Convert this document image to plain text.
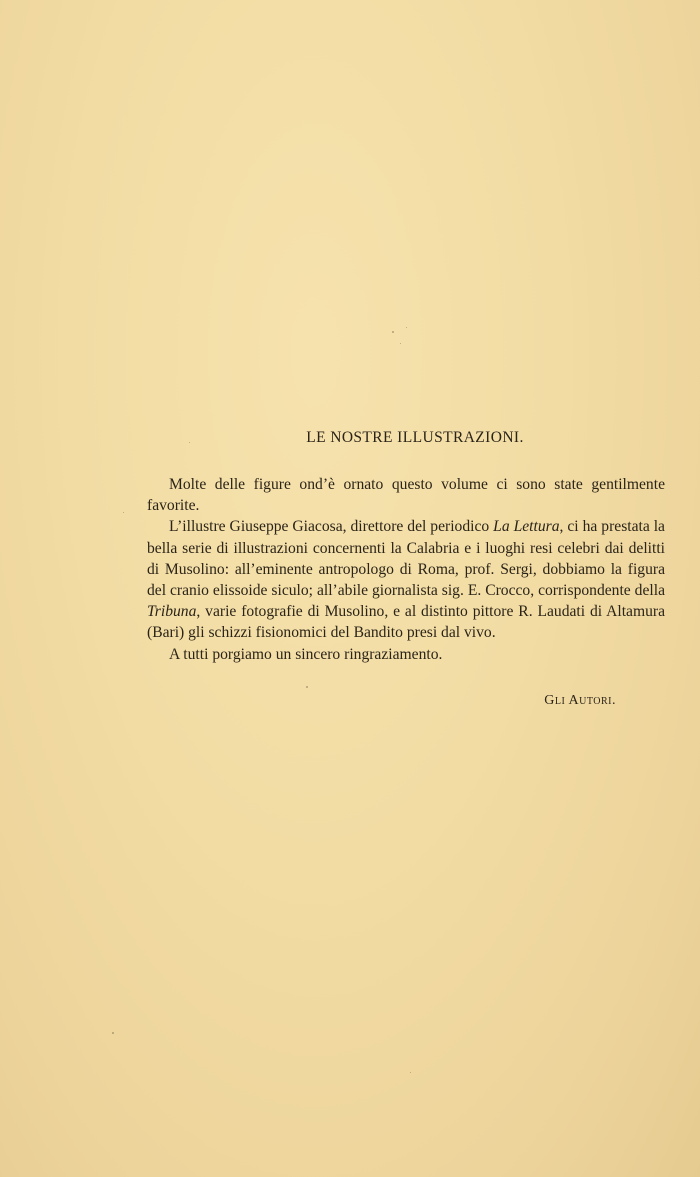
LE NOSTRE ILLUSTRAZIONI.

Molte delle figure ond’è ornato questo volume ci sono state gentilmente favorite.

L’illustre Giuseppe Giacosa, direttore del periodico La Lettura, ci ha prestata la bella serie di illustrazioni concernenti la Calabria e i luoghi resi celebri dai delitti di Musolino: all’eminente antropologo di Roma, prof. Sergi, dobbiamo la figura del cranio elissoide siculo; all’abile giornalista sig. E. Crocco, corrispondente della Tribuna, varie fotografie di Musolino, e al distinto pittore R. Laudati di Altamura (Bari) gli schizzi fisionomici del Bandito presi dal vivo.

A tutti porgiamo un sincero ringraziamento.

Gli Autori.
